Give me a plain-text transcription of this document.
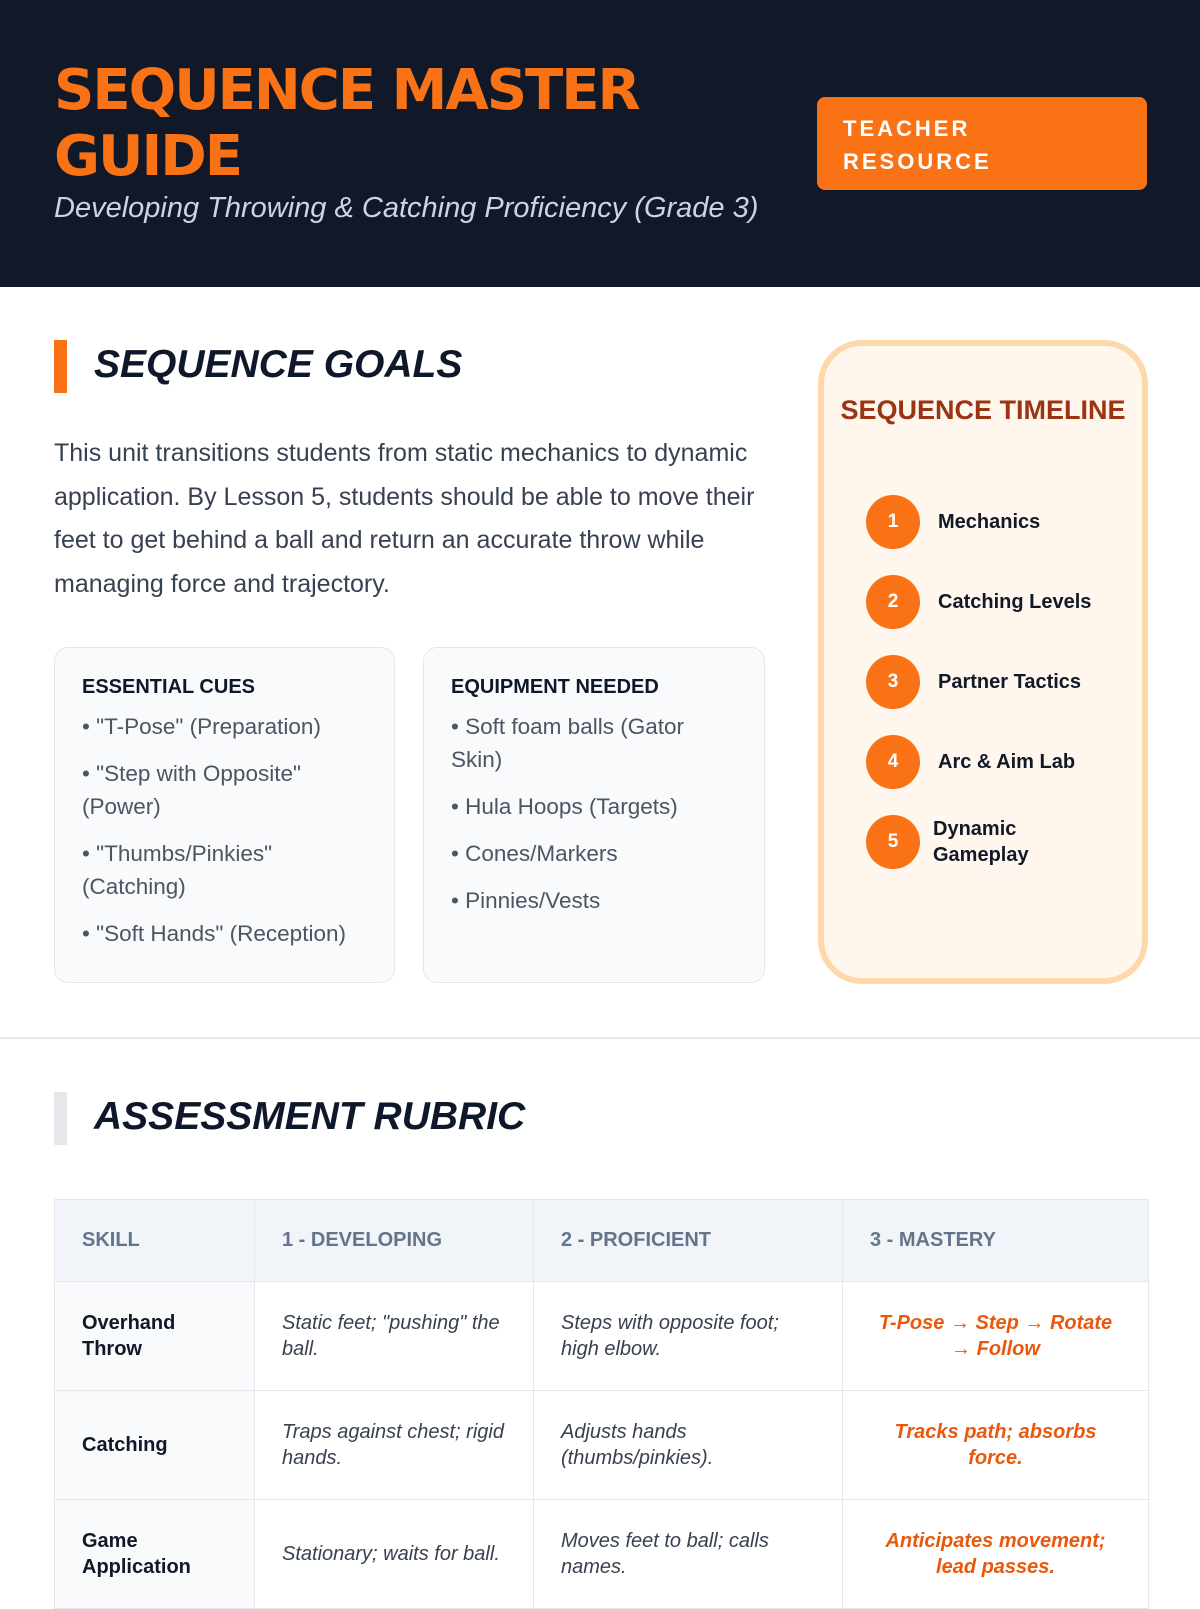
SEQUENCE MASTER GUIDE
Developing Throwing & Catching Proficiency (Grade 3)
TEACHER RESOURCE
SEQUENCE GOALS

This unit transitions students from static mechanics to dynamic application. By Lesson 5, students should be able to move their feet to get behind a ball and return an accurate throw while managing force and trajectory.

ESSENTIAL CUES
• "T-Pose" (Preparation)
• "Step with Opposite" (Power)
• "Thumbs/Pinkies" (Catching)
• "Soft Hands" (Reception)
EQUIPMENT NEEDED
• Soft foam balls (Gator Skin)
• Hula Hoops (Targets)
• Cones/Markers
• Pinnies/Vests
SEQUENCE TIMELINE
1	Mechanics
2	Catching Levels
3	Partner Tactics
4	Arc & Aim Lab
5
Dynamic Gameplay
ASSESSMENT RUBRIC
SKILL	1 - DEVELOPING	2 - PROFICIENT	3 - MASTERY
Overhand Throw	Static feet; "pushing" the ball.	Steps with opposite foot; high elbow.	T-Pose → Step → Rotate → Follow
Catching	Traps against chest; rigid hands.	Adjusts hands (thumbs/pinkies).	Tracks path; absorbs force.
Game Application	Stationary; waits for ball.	Moves feet to ball; calls names.	Anticipates movement; lead passes.
